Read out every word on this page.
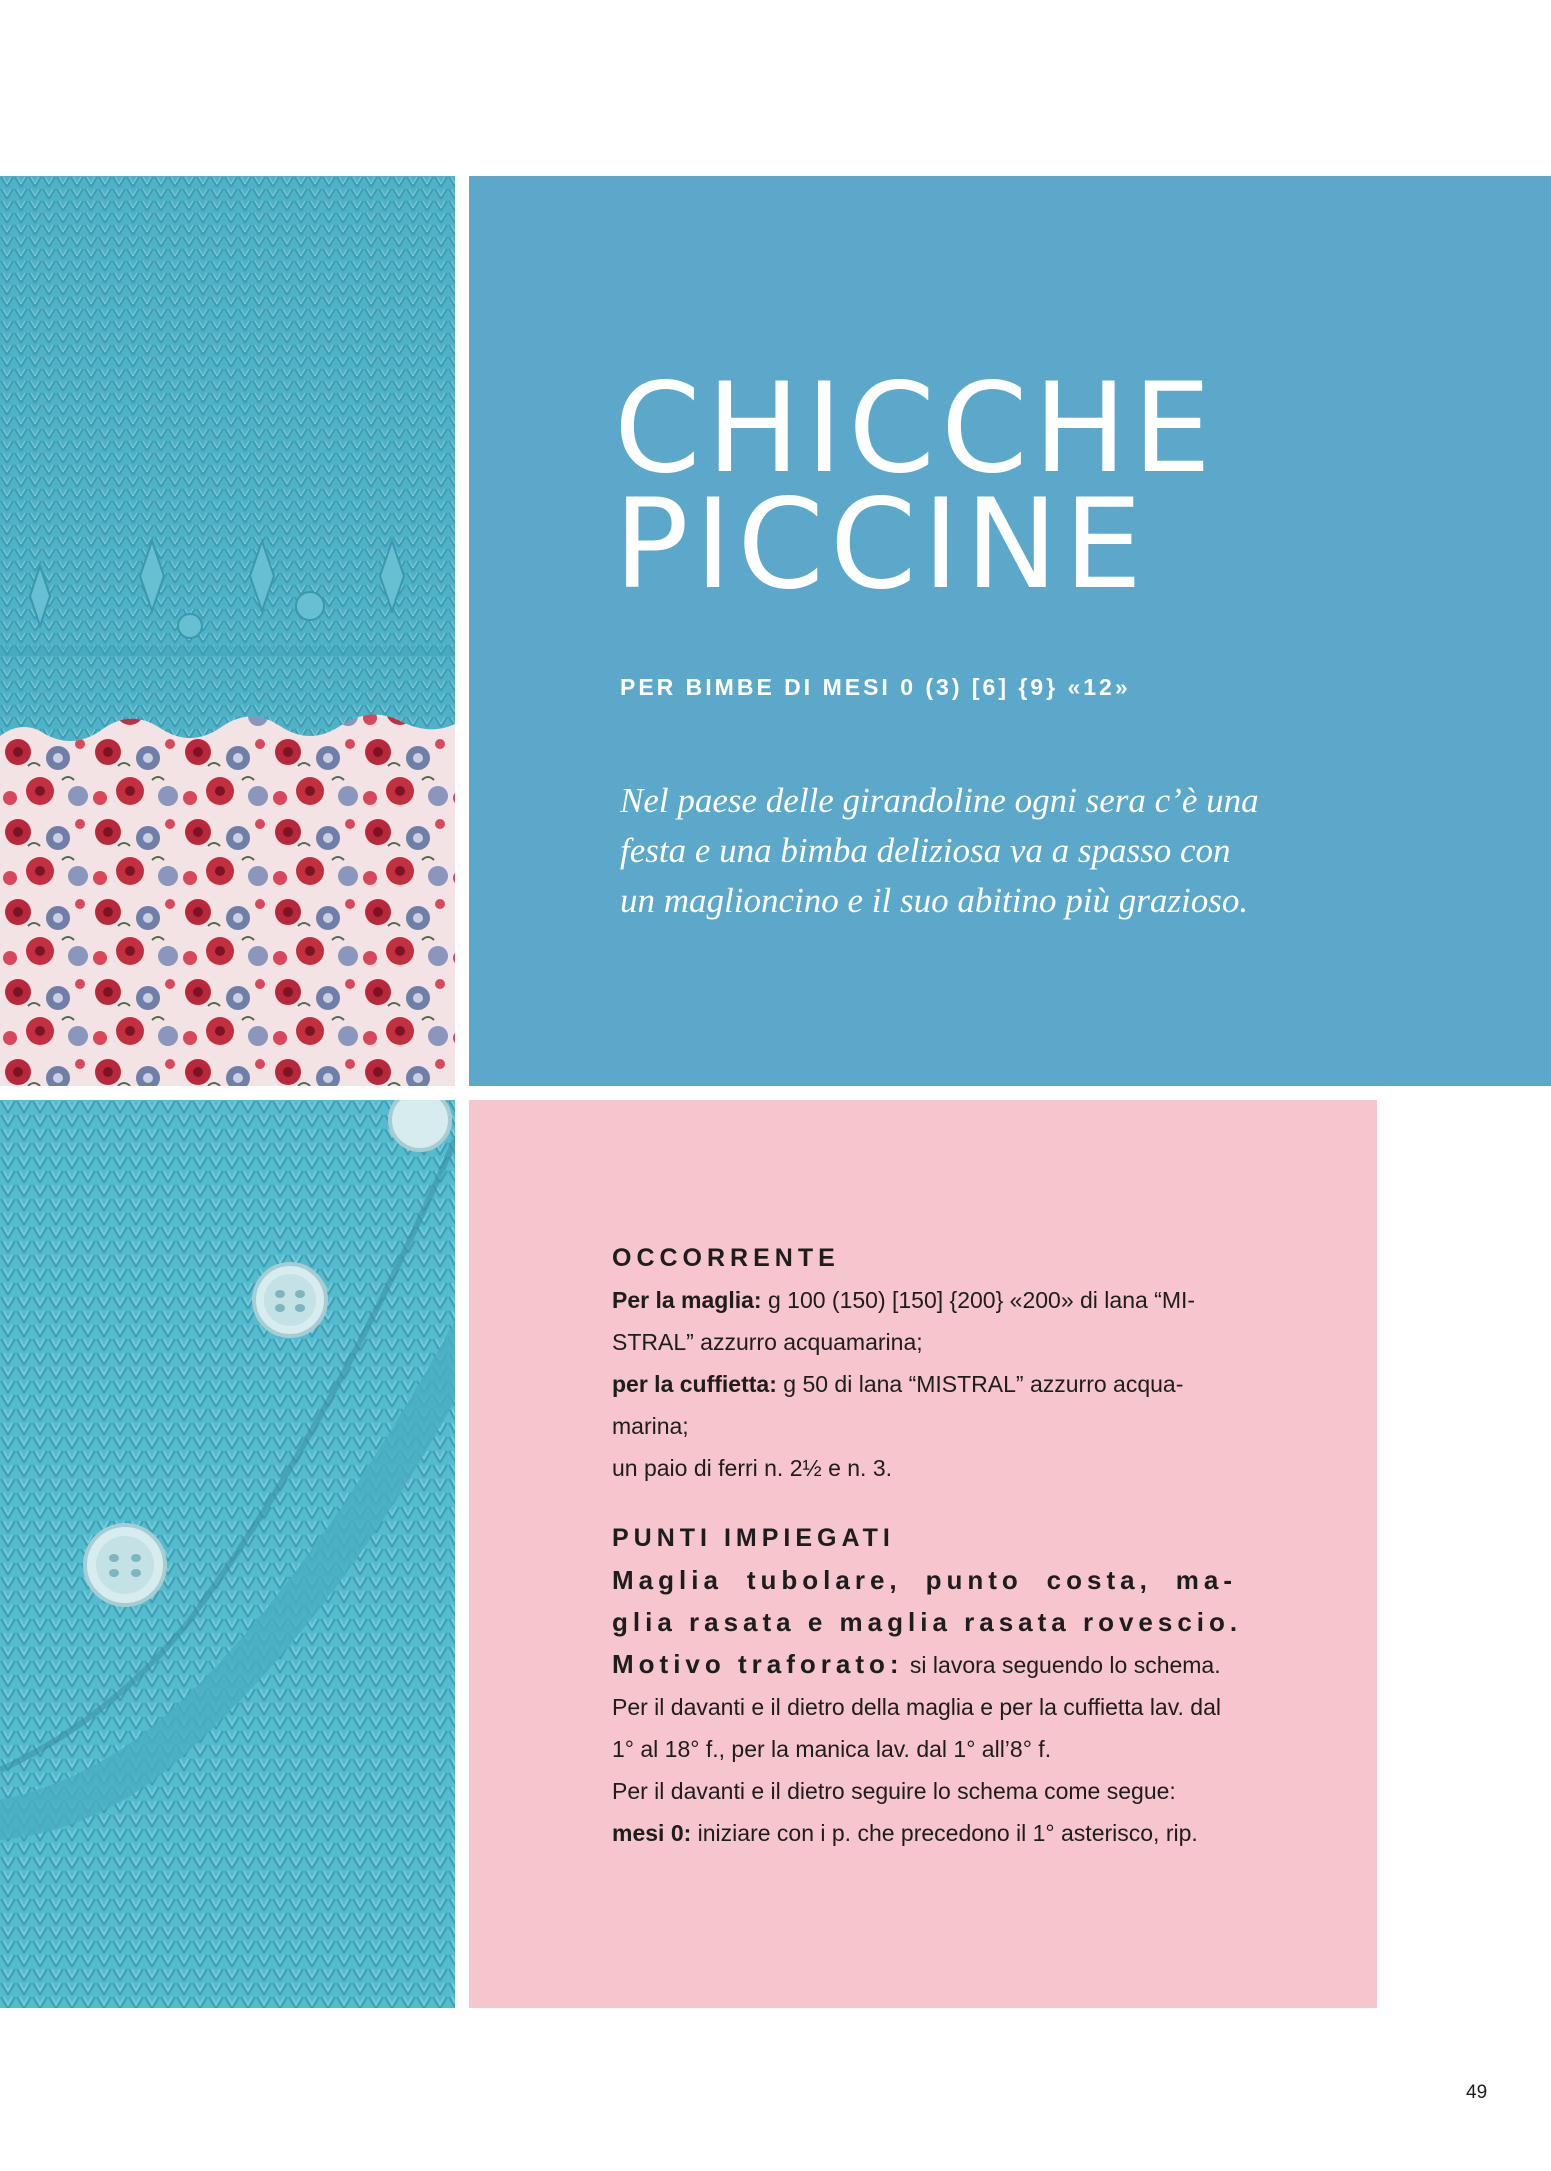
CHICCHE
PICCINE
PER BIMBE DI MESI 0 (3) [6] {9} «12»

Nel paese delle girandoline ogni sera c’è una
festa e una bimba deliziosa va a spasso con
un maglioncino e il suo abitino più grazioso.

OCCORRENTE
Per la maglia: g 100 (150) [150] {200} «200» di lana “MI-
STRAL” azzurro acquamarina;
per la cuffietta: g 50 di lana “MISTRAL” azzurro acqua-
marina;
un paio di ferri n. 2½ e n. 3.
PUNTI IMPIEGATI
Maglia tubolare, punto costa, ma-
glia rasata e maglia rasata rovescio.
Motivo traforato: si lavora seguendo lo schema.
Per il davanti e il dietro della maglia e per la cuffietta lav. dal
1° al 18° f., per la manica lav. dal 1° all’8° f.
Per il davanti e il dietro seguire lo schema come segue:
mesi 0: iniziare con i p. che precedono il 1° asterisco, rip.
49
